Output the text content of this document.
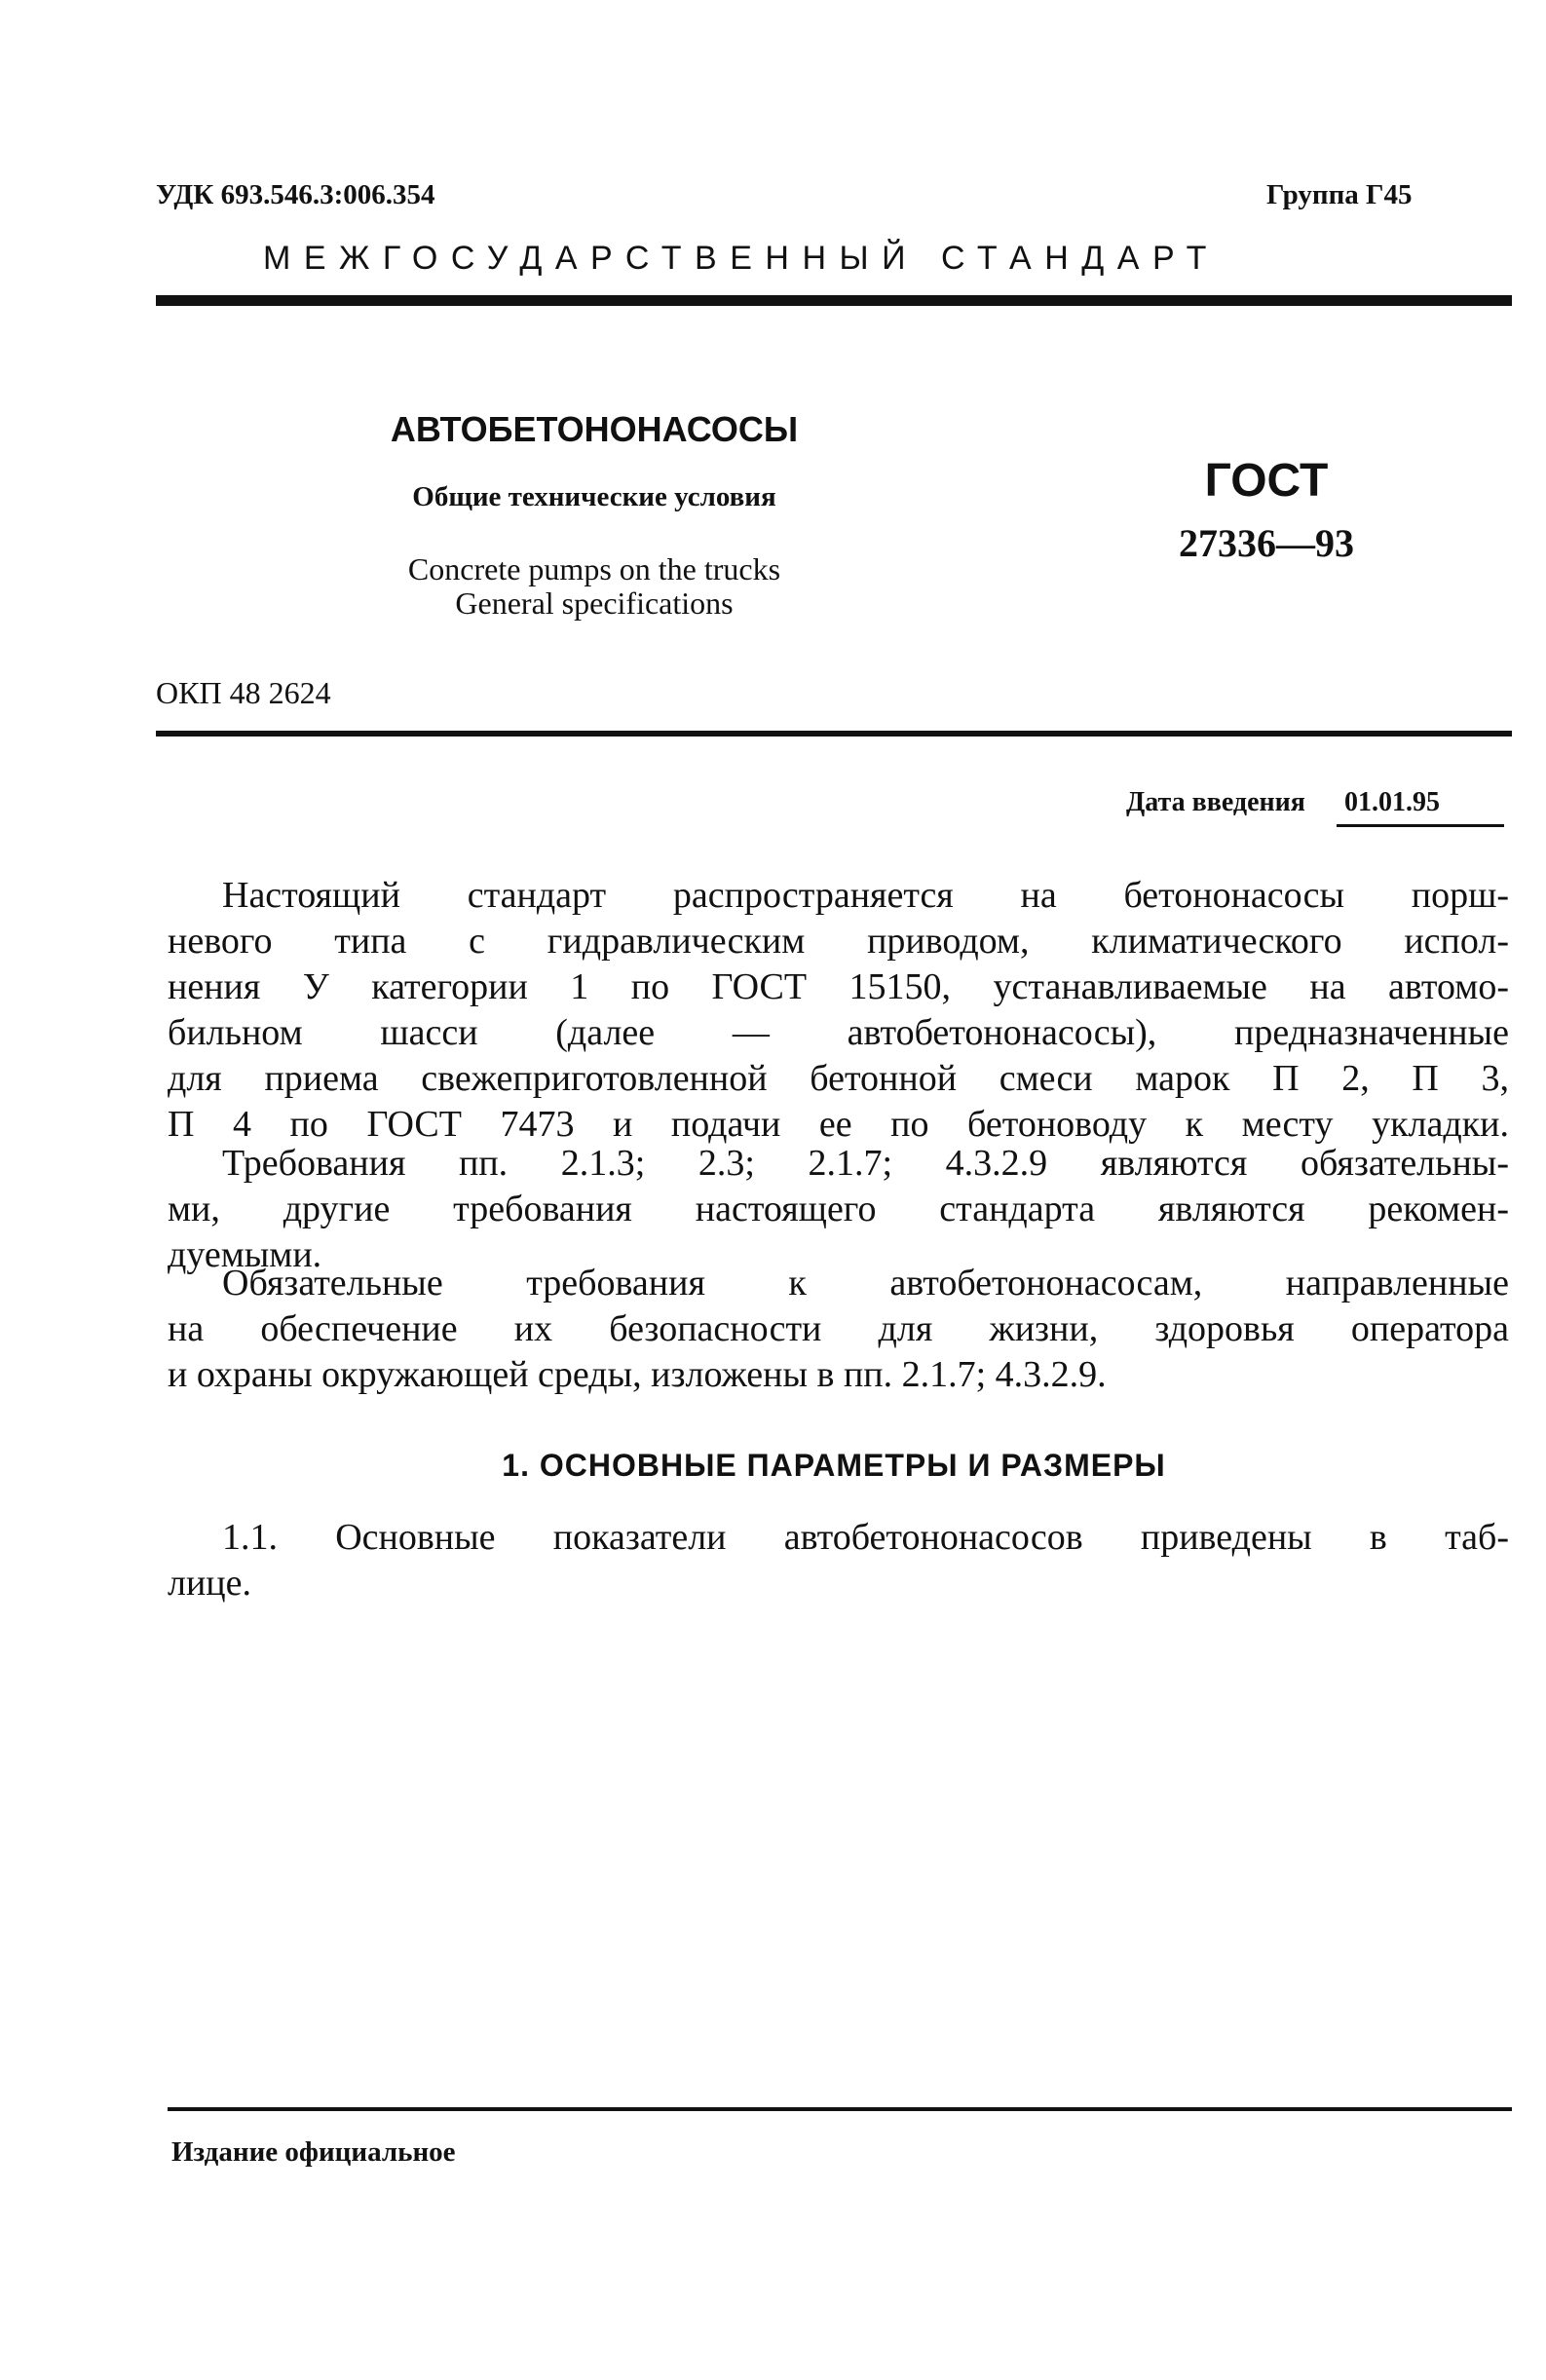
УДК 693.546.3:006.354	Группа Г45
МЕЖГОСУДАРСТВЕННЫЙ СТАНДАРТ
АВТОБЕТОНОНАСОСЫ
Общие технические условия
Concrete pumps on the trucks
General specifications
ГОСТ
27336—93
ОКП 48 2624
Дата введения 01.01.95
Настоящий стандарт распространяется на бетононасосы порш-
невого типа с гидравлическим приводом, климатического испол-
нения У категории 1 по ГОСТ 15150, устанавливаемые на автомо-
бильном шасси (далее — автобетононасосы), предназначенные
для приема свежеприготовленной бетонной смеси марок П 2, П 3,
П 4 по ГОСТ 7473 и подачи ее по бетоноводу к месту укладки.
Требования пп. 2.1.3; 2.3; 2.1.7; 4.3.2.9 являются обязательны-
ми, другие требования настоящего стандарта являются рекомен-
дуемыми.
Обязательные требования к автобетононасосам, направленные
на обеспечение их безопасности для жизни, здоровья оператора
и охраны окружающей среды, изложены в пп. 2.1.7; 4.3.2.9.
1. ОСНОВНЫЕ ПАРАМЕТРЫ И РАЗМЕРЫ
1.1. Основные показатели автобетононасосов приведены в таб-
лице.
Издание официальное
